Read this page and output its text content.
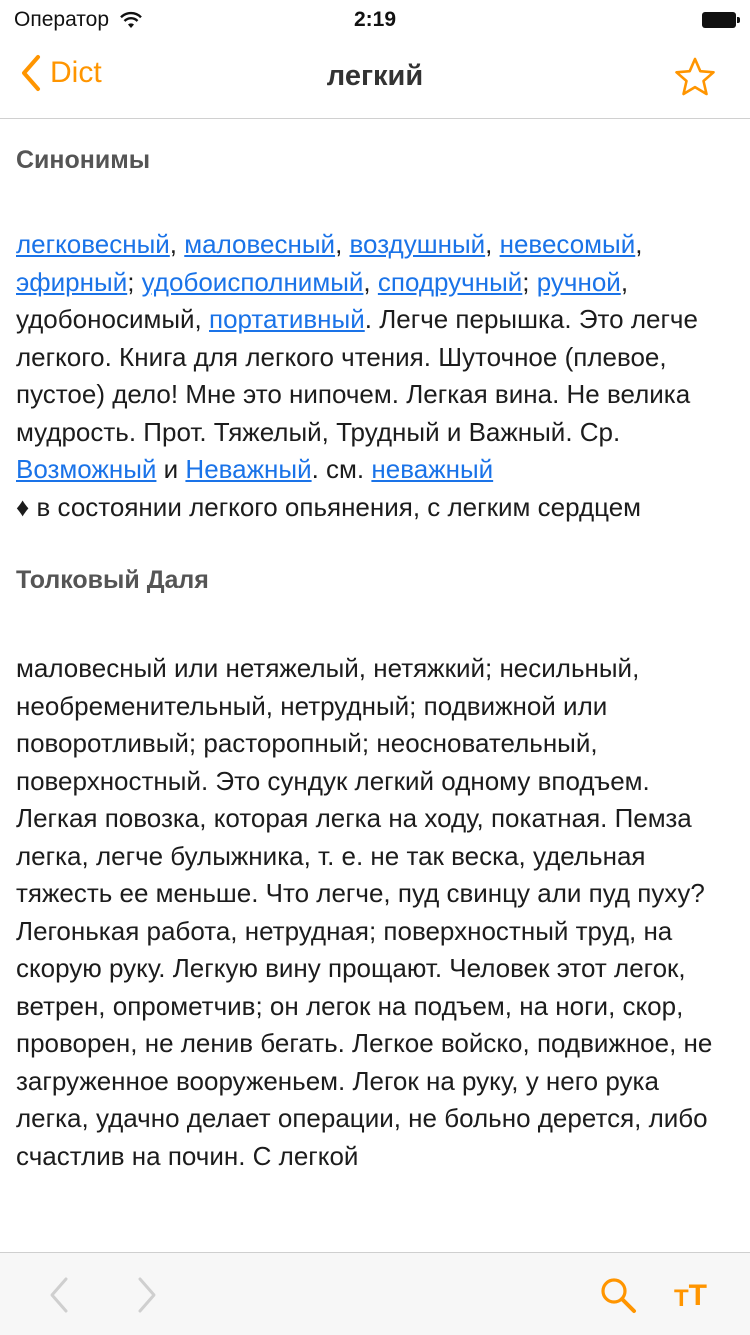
Оператор	2:19
Dict	легкий
Синонимы

легковесный, маловесный, воздушный, невесомый, эфирный; удобоисполнимый, сподручный; ручной, удобоносимый, портативный. Легче перышка. Это легче легкого. Книга для легкого чтения. Шуточное (плевое, пустое) дело! Мне это нипочем. Легкая вина. Не велика мудрость. Прот. Тяжелый, Трудный и Важный. Ср. Возможный и Неважный. см. неважный

♦ в состоянии легкого опьянения, с легким сердцем

Толковый Даля

маловесный или нетяжелый, нетяжкий; несильный, необременительный, нетрудный; подвижной или поворотливый; расторопный; неосновательный, поверхностный. Это сундук легкий одному вподъем. Легкая повозка, которая легка на ходу, покатная. Пемза легка, легче булыжника, т. е. не так веска, удельная тяжесть ее меньше. Что легче, пуд свинцу али пуд пуху? Легонькая работа, нетрудная; поверхностный труд, на скорую руку. Легкую вину прощают. Человек этот легок, ветрен, опрометчив; он легок на подъем, на ноги, скор, проворен, не ленив бегать. Легкое войско, подвижное, не загруженное вооруженьем. Легок на руку, у него рука легка, удачно делает операции, не больно дерется, либо счастлив на почин. С легкой

T T
